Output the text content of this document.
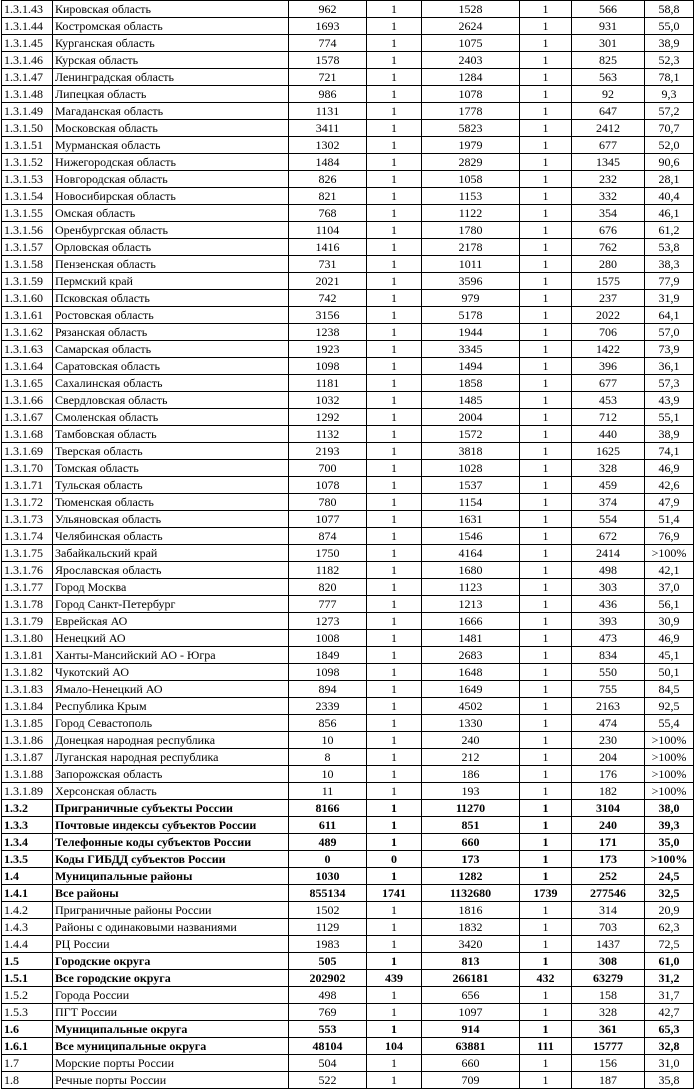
1.3.1.43	Кировская область	962	1	1528	1	566	58,8
1.3.1.44	Костромская область	1693	1	2624	1	931	55,0
1.3.1.45	Курганская область	774	1	1075	1	301	38,9
1.3.1.46	Курская область	1578	1	2403	1	825	52,3
1.3.1.47	Ленинградская область	721	1	1284	1	563	78,1
1.3.1.48	Липецкая область	986	1	1078	1	92	9,3
1.3.1.49	Магаданская область	1131	1	1778	1	647	57,2
1.3.1.50	Московская область	3411	1	5823	1	2412	70,7
1.3.1.51	Мурманская область	1302	1	1979	1	677	52,0
1.3.1.52	Нижегородская область	1484	1	2829	1	1345	90,6
1.3.1.53	Новгородская область	826	1	1058	1	232	28,1
1.3.1.54	Новосибирская область	821	1	1153	1	332	40,4
1.3.1.55	Омская область	768	1	1122	1	354	46,1
1.3.1.56	Оренбургская область	1104	1	1780	1	676	61,2
1.3.1.57	Орловская область	1416	1	2178	1	762	53,8
1.3.1.58	Пензенская область	731	1	1011	1	280	38,3
1.3.1.59	Пермский край	2021	1	3596	1	1575	77,9
1.3.1.60	Псковская область	742	1	979	1	237	31,9
1.3.1.61	Ростовская область	3156	1	5178	1	2022	64,1
1.3.1.62	Рязанская область	1238	1	1944	1	706	57,0
1.3.1.63	Самарская область	1923	1	3345	1	1422	73,9
1.3.1.64	Саратовская область	1098	1	1494	1	396	36,1
1.3.1.65	Сахалинская область	1181	1	1858	1	677	57,3
1.3.1.66	Свердловская область	1032	1	1485	1	453	43,9
1.3.1.67	Смоленская область	1292	1	2004	1	712	55,1
1.3.1.68	Тамбовская область	1132	1	1572	1	440	38,9
1.3.1.69	Тверская область	2193	1	3818	1	1625	74,1
1.3.1.70	Томская область	700	1	1028	1	328	46,9
1.3.1.71	Тульская область	1078	1	1537	1	459	42,6
1.3.1.72	Тюменская область	780	1	1154	1	374	47,9
1.3.1.73	Ульяновская область	1077	1	1631	1	554	51,4
1.3.1.74	Челябинская область	874	1	1546	1	672	76,9
1.3.1.75	Забайкальский край	1750	1	4164	1	2414	>100%
1.3.1.76	Ярославская область	1182	1	1680	1	498	42,1
1.3.1.77	Город Москва	820	1	1123	1	303	37,0
1.3.1.78	Город Санкт-Петербург	777	1	1213	1	436	56,1
1.3.1.79	Еврейская АО	1273	1	1666	1	393	30,9
1.3.1.80	Ненецкий АО	1008	1	1481	1	473	46,9
1.3.1.81	Ханты-Мансийский АО - Югра	1849	1	2683	1	834	45,1
1.3.1.82	Чукотский АО	1098	1	1648	1	550	50,1
1.3.1.83	Ямало-Ненецкий АО	894	1	1649	1	755	84,5
1.3.1.84	Республика Крым	2339	1	4502	1	2163	92,5
1.3.1.85	Город Севастополь	856	1	1330	1	474	55,4
1.3.1.86	Донецкая народная республика	10	1	240	1	230	>100%
1.3.1.87	Луганская народная республика	8	1	212	1	204	>100%
1.3.1.88	Запорожская область	10	1	186	1	176	>100%
1.3.1.89	Херсонская область	11	1	193	1	182	>100%
1.3.2	Приграничные субъекты России	8166	1	11270	1	3104	38,0
1.3.3	Почтовые индексы субъектов России	611	1	851	1	240	39,3
1.3.4	Телефонные коды субъектов России	489	1	660	1	171	35,0
1.3.5	Коды ГИБДД субъектов России	0	0	173	1	173	>100%
1.4	Муниципальные районы	1030	1	1282	1	252	24,5
1.4.1	Все районы	855134	1741	1132680	1739	277546	32,5
1.4.2	Приграничные районы России	1502	1	1816	1	314	20,9
1.4.3	Районы с одинаковыми названиями	1129	1	1832	1	703	62,3
1.4.4	РЦ России	1983	1	3420	1	1437	72,5
1.5	Городские округа	505	1	813	1	308	61,0
1.5.1	Все городские округа	202902	439	266181	432	63279	31,2
1.5.2	Города России	498	1	656	1	158	31,7
1.5.3	ПГТ России	769	1	1097	1	328	42,7
1.6	Муниципальные округа	553	1	914	1	361	65,3
1.6.1	Все муниципальные округа	48104	104	63881	111	15777	32,8
1.7	Морские порты России	504	1	660	1	156	31,0
1.8	Речные порты России	522	1	709	1	187	35,8
